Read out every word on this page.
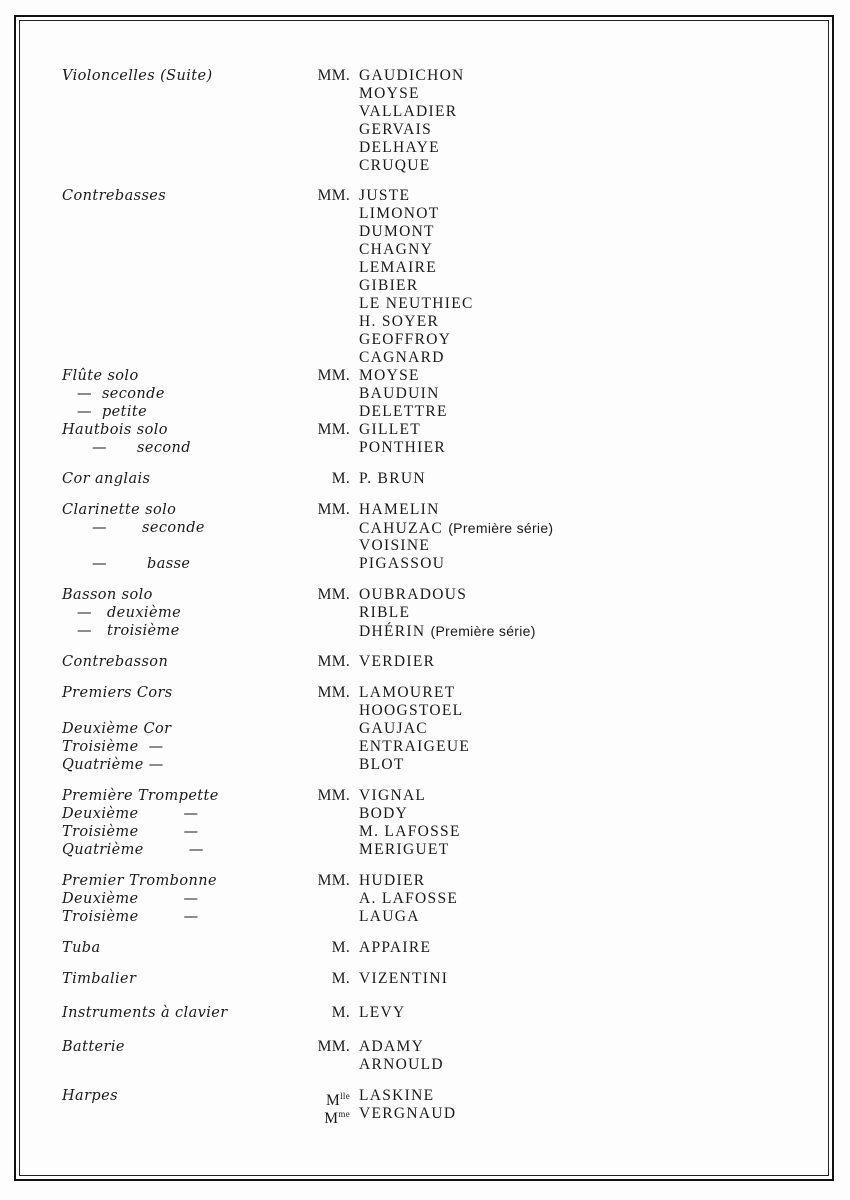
Violoncelles (Suite)	MM. GAUDICHON
MOYSE
VALLADIER
GERVAIS
DELHAYE
CRUQUE
Contrebasses	MM. JUSTE
LIMONOT
DUMONT
CHAGNY
LEMAIRE
GIBIER
LE NEUTHIEC
H. SOYER
GEOFFROY
CAGNARD
Flûte solo	MM. MOYSE
—  seconde	BAUDUIN
—  petite	DELETTRE
Hautbois solo	MM. GILLET
—      second	PONTHIER
Cor anglais	M. P. BRUN
Clarinette solo	MM. HAMELIN
—       seconde	CAHUZAC (Première série)
VOISINE
—        basse	PIGASSOU
Basson solo	MM. OUBRADOUS
—   deuxième	RIBLE
—   troisième	DHÉRIN (Première série)
Contrebasson	MM. VERDIER
Premiers Cors	MM. LAMOURET
HOOGSTOEL
Deuxième Cor	GAUJAC
Troisième  —	ENTRAIGEUE
Quatrième —	BLOT
Première Trompette	MM. VIGNAL
Deuxième         —	BODY
Troisième         —	M. LAFOSSE
Quatrième         —	MERIGUET
Premier Trombonne	MM. HUDIER
Deuxième         —	A. LAFOSSE
Troisième         —	LAUGA
Tuba	M. APPAIRE
Timbalier	M. VIZENTINI
Instruments à clavier	M. LEVY
Batterie	MM. ADAMY
ARNOULD
Harpes	$M^{lle}$ LASKINE
$M^{me}$ VERGNAUD
